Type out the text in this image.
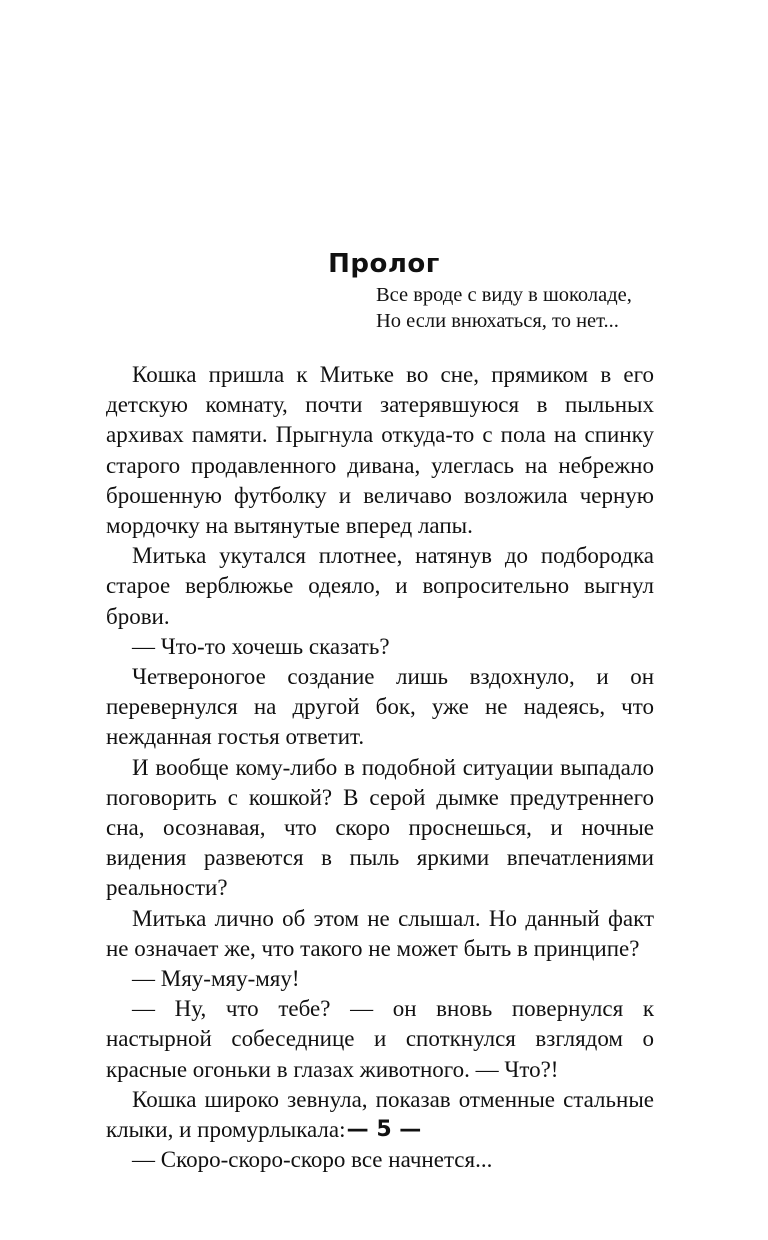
Пролог
Все вроде с виду в шоколаде,
Но если внюхаться, то нет...

Кошка пришла к Митьке во сне, прямиком в его детскую комнату, почти затерявшуюся в пыльных архивах памяти. Прыгнула откуда-то с пола на спинку старого продавленного дивана, улеглась на небрежно брошенную футболку и величаво возложила черную мордочку на вытянутые вперед лапы.

Митька укутался плотнее, натянув до подбородка старое верблюжье одеяло, и вопросительно выгнул брови.

— Что-то хочешь сказать?

Четвероногое создание лишь вздохнуло, и он перевернулся на другой бок, уже не надеясь, что нежданная гостья ответит.

И вообще кому-либо в подобной ситуации выпадало поговорить с кошкой? В серой дымке предутреннего сна, осознавая, что скоро проснешься, и ночные видения развеются в пыль яркими впечатлениями реальности?

Митька лично об этом не слышал. Но данный факт не означает же, что такого не может быть в принципе?

— Мяу-мяу-мяу!

— Ну, что тебе? — он вновь повернулся к настырной собеседнице и споткнулся взглядом о красные огоньки в глазах животного. — Что?!

Кошка широко зевнула, показав отменные стальные клыки, и промурлыкала:

— Скоро-скоро-скоро все начнется...

— 5 —
